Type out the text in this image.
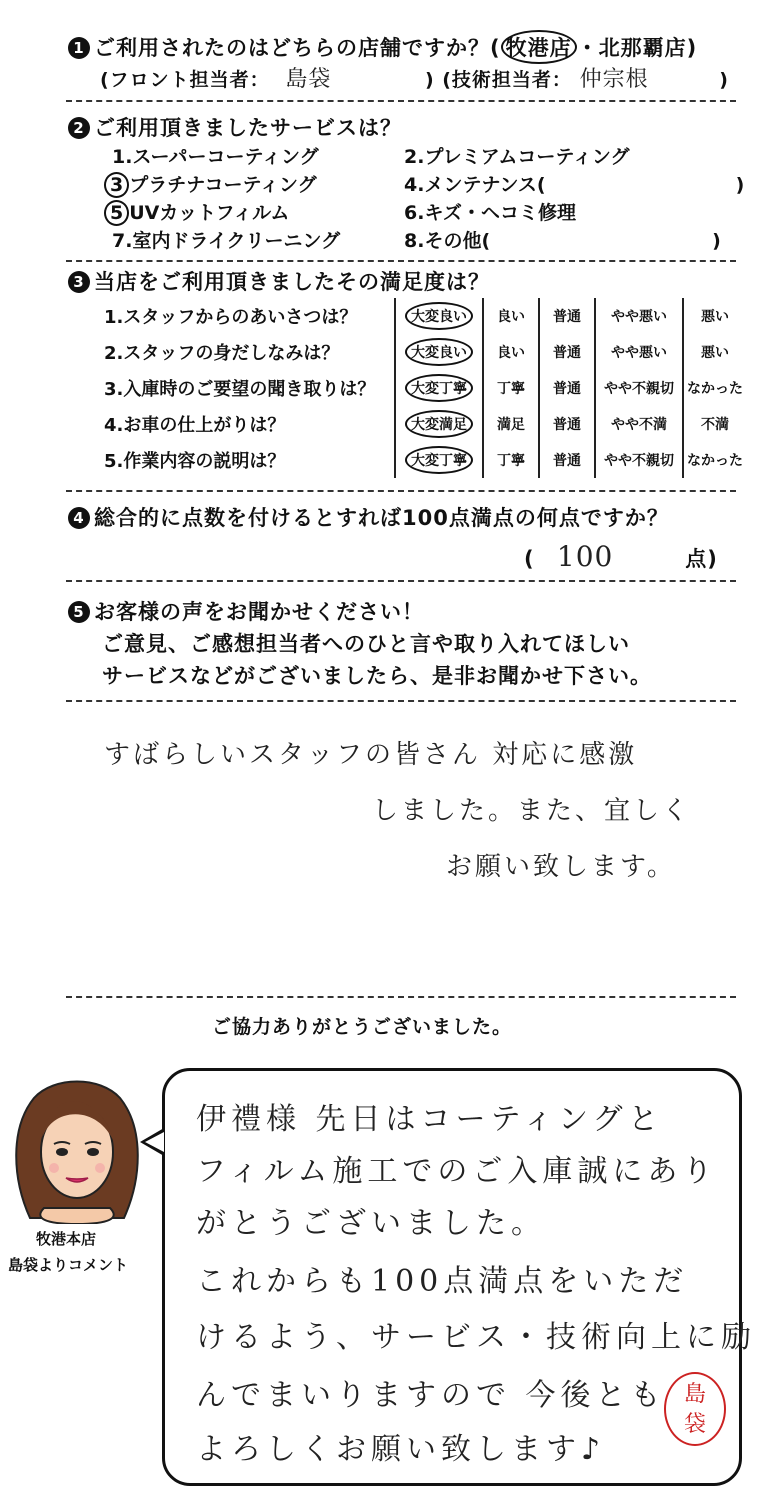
1 ご利用されたのはどちらの店舗ですか？( 牧港店 ・北那覇店)
(フロント担当者： 島袋	) (技術担当者： 仲宗根	)
2 ご利用頂きましたサービスは？
1.スーパーコーティング	2.プレミアムコーティング
3 プラチナコーティング	4.メンテナンス(	)
5 UVカットフィルム	6.キズ・ヘコミ修理
7.室内ドライクリーニング	8.その他(	)
3 当店をご利用頂きましたその満足度は？
1.スタッフからのあいさつは？	大変良い	良い	普通	やや悪い	悪い
2.スタッフの身だしなみは？	大変良い	良い	普通	やや悪い	悪い
3.入庫時のご要望の聞き取りは？	大変丁寧	丁寧	普通	やや不親切	なかった
4.お車の仕上がりは？	大変満足	満足	普通	やや不満	不満
5.作業内容の説明は？	大変丁寧	丁寧	普通	やや不親切	なかった
4 総合的に点数を付けるとすれば100点満点の何点ですか？
( 100	点)
5 お客様の声をお聞かせください！
ご意見、ご感想担当者へのひと言や取り入れてほしい
サービスなどがございましたら、是非お聞かせ下さい。
すばらしいスタッフの皆さん 対応に感激
しました。また、宜しく
お願い致します。
ご協力ありがとうございました。
牧港本店
島袋よりコメント
伊禮様 先日はコーティングと
フィルム施工でのご入庫誠にあり
がとうございました。
これからも100点満点をいただ
けるよう、サービス・技術向上に励
んでまいりますので 今後とも
よろしくお願い致します♪
島
袋
